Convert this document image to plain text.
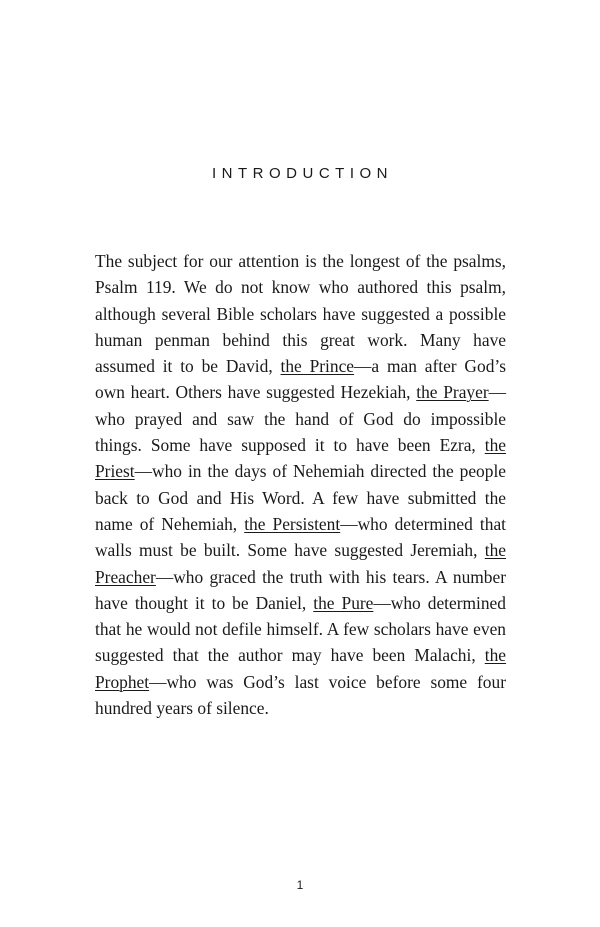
INTRODUCTION

The subject for our attention is the longest of the psalms, Psalm 119. We do not know who authored this psalm, although several Bible scholars have suggested a possible human penman behind this great work. Many have assumed it to be David, the Prince—a man after God’s own heart. Others have suggested Hezekiah, the Prayer—who prayed and saw the hand of God do impossible things. Some have supposed it to have been Ezra, the Priest—who in the days of Nehemiah directed the people back to God and His Word. A few have submitted the name of Nehemiah, the Persistent—who determined that walls must be built. Some have suggested Jeremiah, the Preacher—who graced the truth with his tears. A number have thought it to be Daniel, the Pure—who determined that he would not defile himself. A few scholars have even suggested that the author may have been Malachi, the Prophet—who was God’s last voice before some four hundred years of silence.

1
